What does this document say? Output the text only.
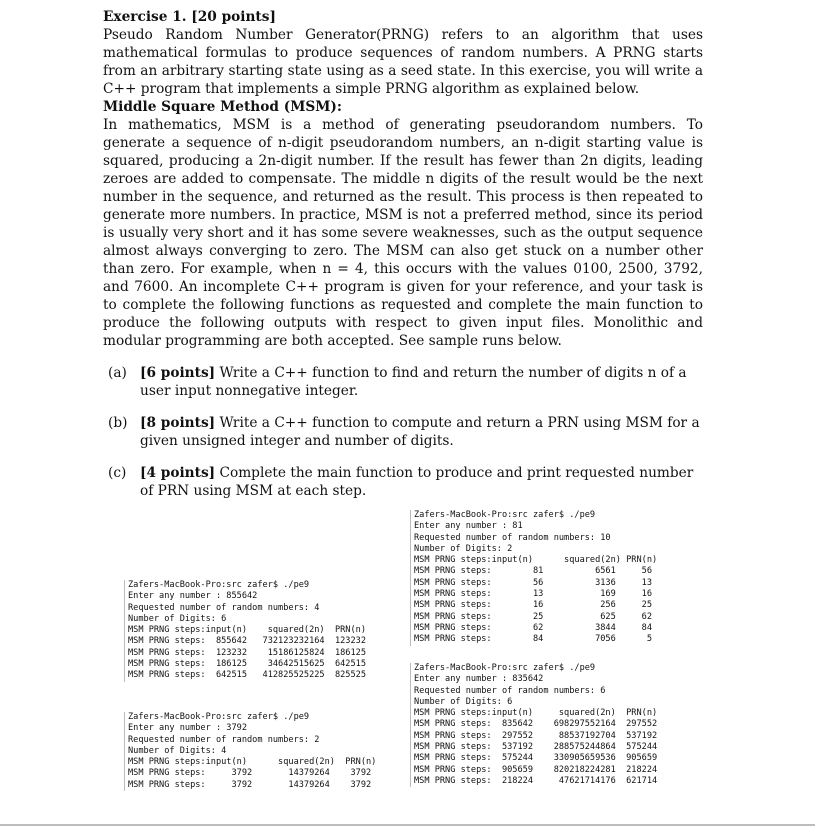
Exercise 1. [20 points]

Pseudo Random Number Generator(PRNG) refers to an algorithm that uses mathematical formulas to produce sequences of random numbers. A PRNG starts from an arbitrary starting state using as a seed state. In this exercise, you will write a C++ program that implements a simple PRNG algorithm as explained below.

Middle Square Method (MSM):

In mathematics, MSM is a method of generating pseudorandom numbers. To generate a sequence of n-digit pseudorandom numbers, an n-digit starting value is squared, producing a 2n-digit number. If the result has fewer than 2n digits, leading zeroes are added to compensate. The middle n digits of the result would be the next number in the sequence, and returned as the result. This process is then repeated to generate more numbers. In practice, MSM is not a preferred method, since its period is usually very short and it has some severe weaknesses, such as the output sequence almost always converging to zero. The MSM can also get stuck on a number other than zero. For example, when n = 4, this occurs with the values 0100, 2500, 3792, and 7600. An incomplete C++ program is given for your reference, and your task is to complete the following functions as requested and complete the main function to produce the following outputs with respect to given input files. Monolithic and modular programming are both accepted. See sample runs below.

(a) [6 points] Write a C++ function to find and return the number of digits n of a user input nonnegative integer.
(b) [8 points] Write a C++ function to compute and return a PRN using MSM for a given unsigned integer and number of digits.
(c) [4 points] Complete the main function to produce and print requested number of PRN using MSM at each step.
Zafers-MacBook-Pro:src zafer$ ./pe9
Enter any number : 81
Requested number of random numbers: 10
Number of Digits: 2
MSM PRNG steps:input(n)      squared(2n) PRN(n)
MSM PRNG steps:        81          6561     56
MSM PRNG steps:        56          3136     13
MSM PRNG steps:        13           169     16
MSM PRNG steps:        16           256     25
MSM PRNG steps:        25           625     62
MSM PRNG steps:        62          3844     84
MSM PRNG steps:        84          7056      5
Zafers-MacBook-Pro:src zafer$ ./pe9
Enter any number : 835642
Requested number of random numbers: 6
Number of Digits: 6
MSM PRNG steps:input(n)     squared(2n)  PRN(n)
MSM PRNG steps:  835642    698297552164  297552
MSM PRNG steps:  297552     88537192704  537192
MSM PRNG steps:  537192    288575244864  575244
MSM PRNG steps:  575244    330905659536  905659
MSM PRNG steps:  905659    820218224281  218224
MSM PRNG steps:  218224     47621714176  621714
Zafers-MacBook-Pro:src zafer$ ./pe9
Enter any number : 855642
Requested number of random numbers: 4
Number of Digits: 6
MSM PRNG steps:input(n)    squared(2n)  PRN(n)
MSM PRNG steps:  855642   732123232164  123232
MSM PRNG steps:  123232    15186125824  186125
MSM PRNG steps:  186125    34642515625  642515
MSM PRNG steps:  642515   412825525225  825525
Zafers-MacBook-Pro:src zafer$ ./pe9
Enter any number : 3792
Requested number of random numbers: 2
Number of Digits: 4
MSM PRNG steps:input(n)      squared(2n)  PRN(n)
MSM PRNG steps:     3792       14379264    3792
MSM PRNG steps:     3792       14379264    3792
